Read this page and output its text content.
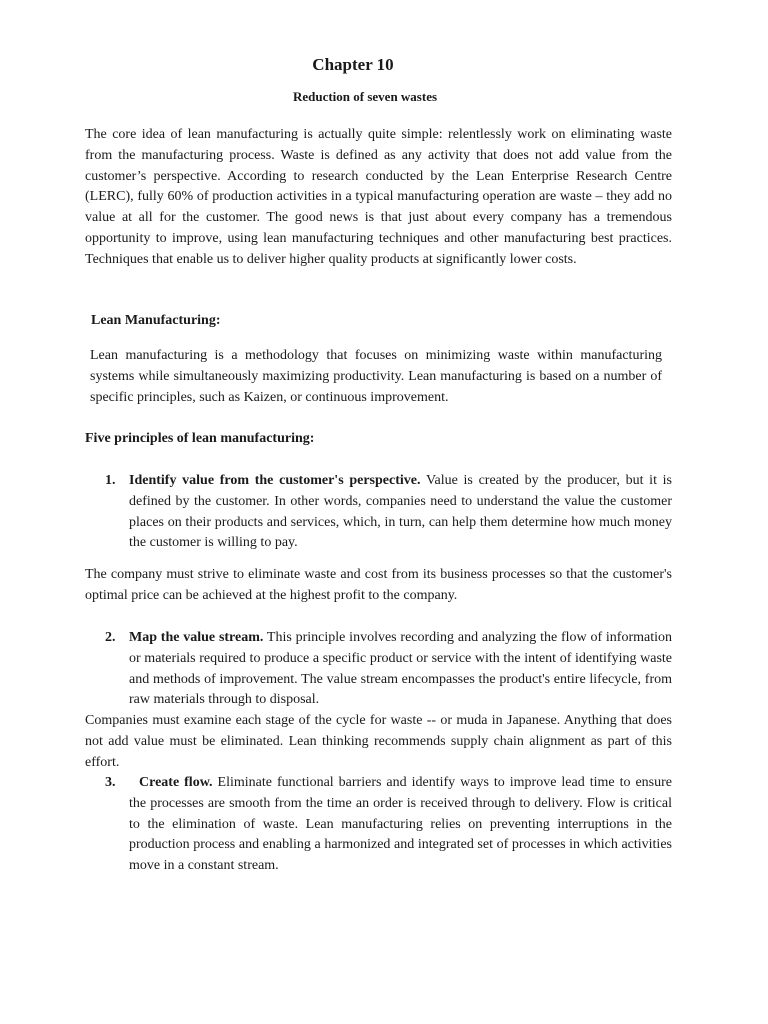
Chapter 10
Reduction of seven wastes

The core idea of lean manufacturing is actually quite simple: relentlessly work on eliminating waste from the manufacturing process. Waste is defined as any activity that does not add value from the customer’s perspective. According to research conducted by the Lean Enterprise Research Centre (LERC), fully 60% of production activities in a typical manufacturing operation are waste – they add no value at all for the customer. The good news is that just about every company has a tremendous opportunity to improve, using lean manufacturing techniques and other manufacturing best practices. Techniques that enable us to deliver higher quality products at significantly lower costs.

Lean Manufacturing:

Lean manufacturing is a methodology that focuses on minimizing waste within manufacturing systems while simultaneously maximizing productivity. Lean manufacturing is based on a number of specific principles, such as Kaizen, or continuous improvement.

Five principles of lean manufacturing:

1. Identify value from the customer's perspective. Value is created by the producer, but it is defined by the customer. In other words, companies need to understand the value the customer places on their products and services, which, in turn, can help them determine how much money the customer is willing to pay.

The company must strive to eliminate waste and cost from its business processes so that the customer's optimal price can be achieved at the highest profit to the company.

2. Map the value stream. This principle involves recording and analyzing the flow of information or materials required to produce a specific product or service with the intent of identifying waste and methods of improvement. The value stream encompasses the product's entire lifecycle, from raw materials through to disposal.

Companies must examine each stage of the cycle for waste -- or muda in Japanese. Anything that does not add value must be eliminated. Lean thinking recommends supply chain alignment as part of this effort.

3.	Create flow. Eliminate functional barriers and identify ways to improve lead time to ensure the processes are smooth from the time an order is received through to delivery. Flow is critical to the elimination of waste. Lean manufacturing relies on preventing interruptions in the production process and enabling a harmonized and integrated set of processes in which activities move in a constant stream.
